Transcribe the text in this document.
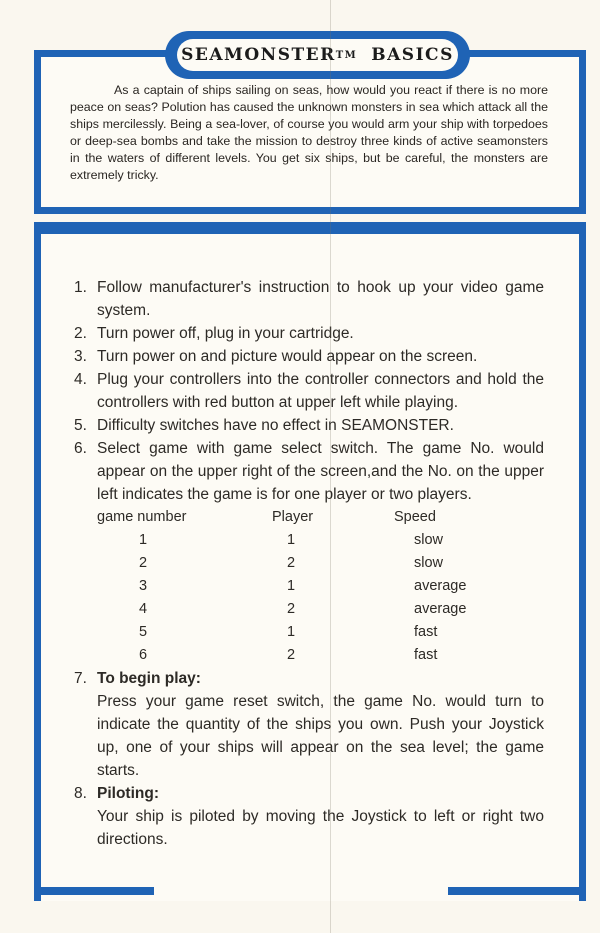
SEAMONSTER TM BASICS
As a captain of ships sailing on seas, how would you react if there is no more peace on seas? Polution has caused the unknown monsters in sea which attack all the ships mercilessly. Being a sea-lover, of course you would arm your ship with torpedoes or deep-sea bombs and take the mission to destroy three kinds of active seamonsters in the waters of different levels. You get six ships, but be careful, the monsters are extremely tricky.
1. Follow manufacturer's instruction to hook up your video game system.
2. Turn power off, plug in your cartridge.
3. Turn power on and picture would appear on the screen.
4. Plug your controllers into the controller connectors and hold the controllers with red button at upper left while playing.
5. Difficulty switches have no effect in SEAMONSTER.
6. Select game with game select switch. The game No. would appear on the upper right of the screen,and the No. on the upper left indicates the game is for one player or two players.
game number	Player	Speed
1	1	slow
2	2	slow
3	1	average
4	2	average
5	1	fast
6	2	fast
7. To begin play:
Press your game reset switch, the game No. would turn to indicate the quantity of the ships you own. Push your Joystick up, one of your ships will appear on the sea level; the game starts.
8. Piloting:
Your ship is piloted by moving the Joystick to left or right two directions.
